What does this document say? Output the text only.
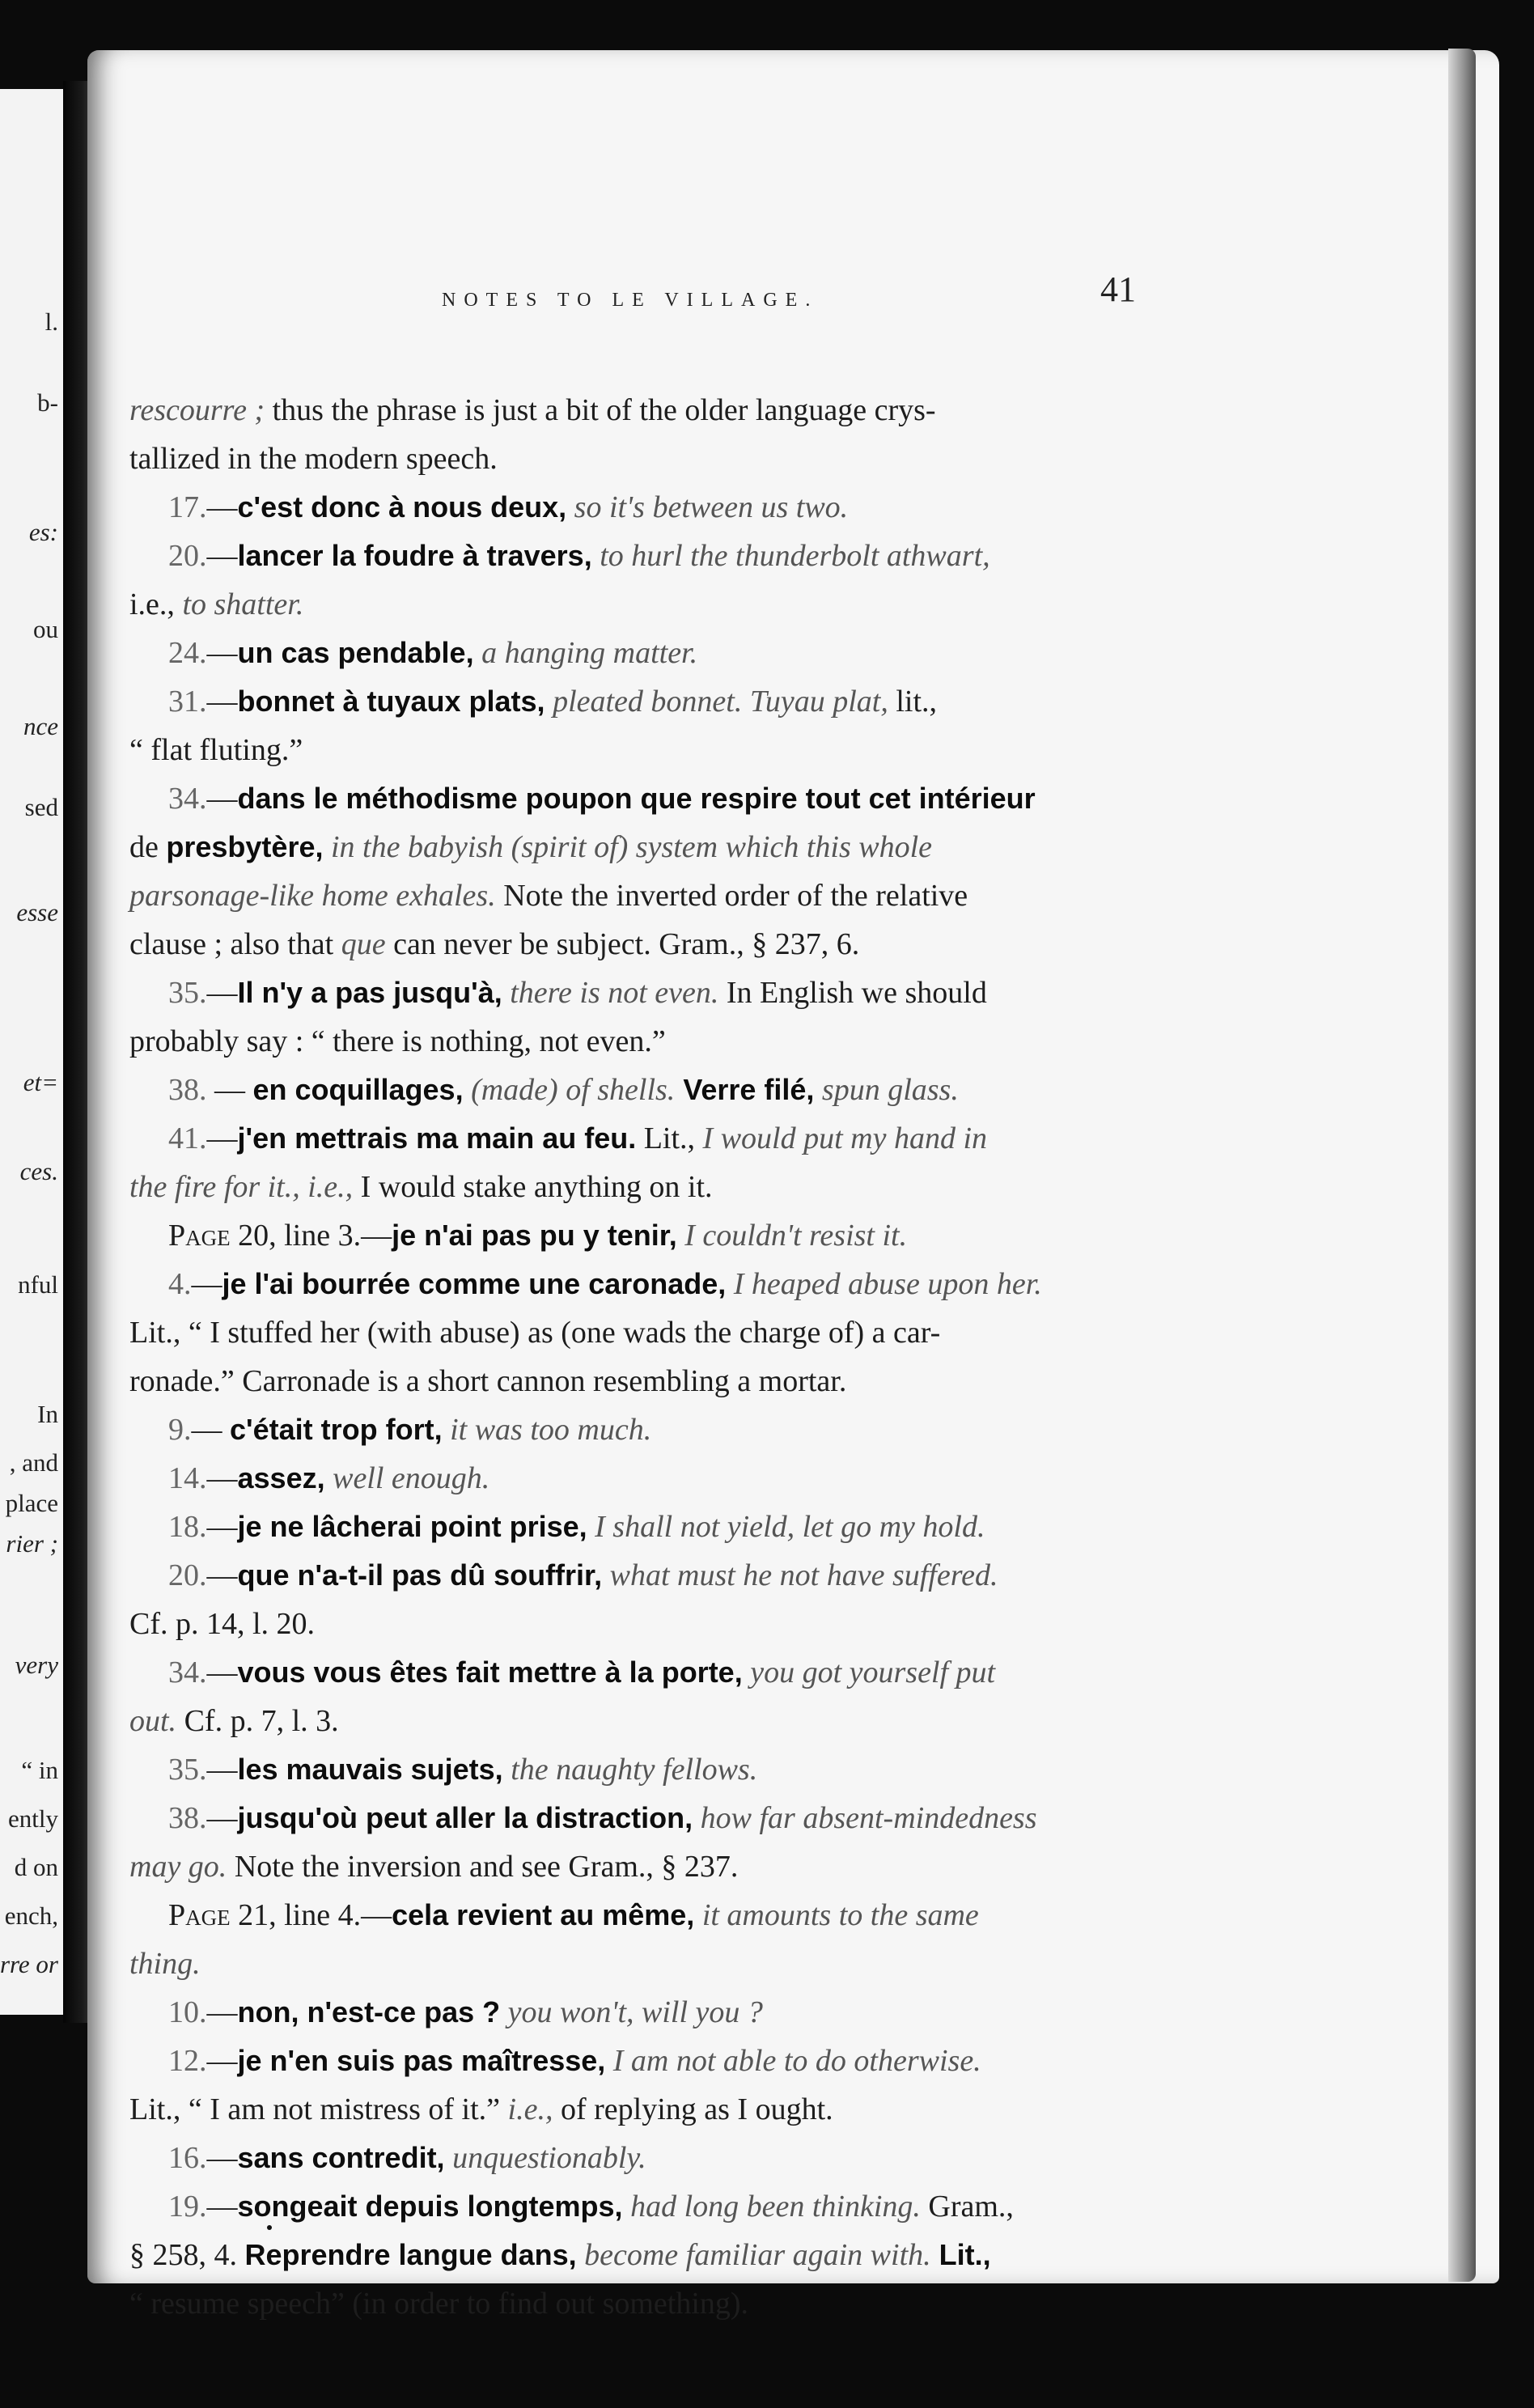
l.
b-
es:
ou
nce
sed
esse
et=
ces.
nful
In
, and
place
rier ;
very
“ in
ently
d on
ench,
rre or
NOTES TO LE VILLAGE.	41
rescourre ; thus the phrase is just a bit of the older language crys-
tallized in the modern speech.
17.—c'est donc à nous deux, so it's between us two.
20.—lancer la foudre à travers, to hurl the thunderbolt athwart,
i.e., to shatter.
24.—un cas pendable, a hanging matter.
31.—bonnet à tuyaux plats, pleated bonnet. Tuyau plat, lit.,
“ flat fluting.”
34.—dans le méthodisme poupon que respire tout cet intérieur
de presbytère, in the babyish (spirit of) system which this whole
parsonage-like home exhales. Note the inverted order of the relative
clause ; also that que can never be subject. Gram., § 237, 6.
35.—Il n'y a pas jusqu'à, there is not even. In English we should
probably say : “ there is nothing, not even.”
38. — en coquillages, (made) of shells. Verre filé, spun glass.
41.—j'en mettrais ma main au feu. Lit., I would put my hand in
the fire for it., i.e., I would stake anything on it.
Page 20, line 3.—je n'ai pas pu y tenir, I couldn't resist it.
4.—je l'ai bourrée comme une caronade, I heaped abuse upon her.
Lit., “ I stuffed her (with abuse) as (one wads the charge of) a car-
ronade.” Carronade is a short cannon resembling a mortar.
9.— c'était trop fort, it was too much.
14.—assez, well enough.
18.—je ne lâcherai point prise, I shall not yield, let go my hold.
20.—que n'a-t-il pas dû souffrir, what must he not have suffered.
Cf. p. 14, l. 20.
34.—vous vous êtes fait mettre à la porte, you got yourself put
out. Cf. p. 7, l. 3.
35.—les mauvais sujets, the naughty fellows.
38.—jusqu'où peut aller la distraction, how far absent-mindedness
may go. Note the inversion and see Gram., § 237.
Page 21, line 4.—cela revient au même, it amounts to the same
thing.
10.—non, n'est-ce pas ? you won't, will you ?
12.—je n'en suis pas maîtresse, I am not able to do otherwise.
Lit., “ I am not mistress of it.” i.e., of replying as I ought.
16.—sans contredit, unquestionably.
19.—songeait depuis longtemps, had long been thinking. Gram.,
§ 258, 4. Reprendre langue dans, become familiar again with. Lit.,
“ resume speech” (in order to find out something).
